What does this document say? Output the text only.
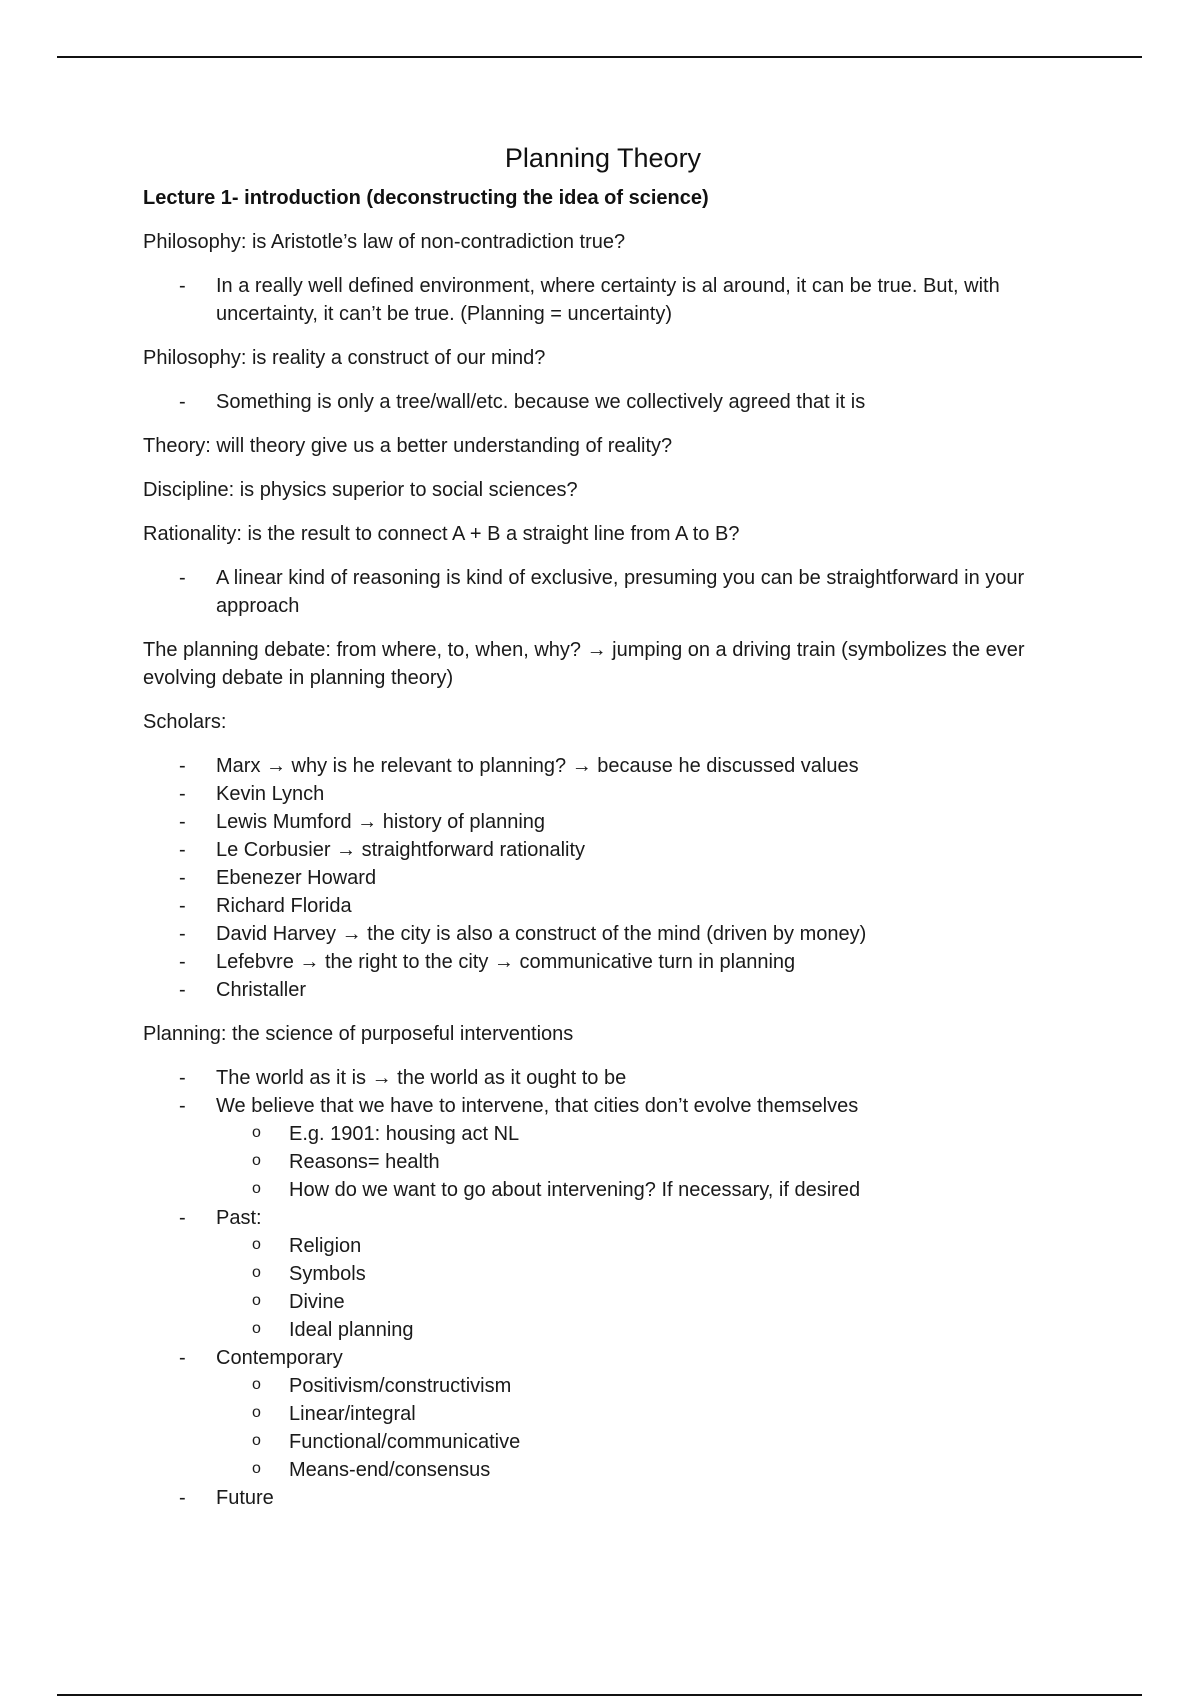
Planning Theory
Lecture 1- introduction (deconstructing the idea of science)
Philosophy: is Aristotle’s law of non-contradiction true?
- In a really well defined environment, where certainty is al around, it can be true. But, with uncertainty, it can’t be true. (Planning = uncertainty)
Philosophy: is reality a construct of our mind?
- Something is only a tree/wall/etc. because we collectively agreed that it is
Theory: will theory give us a better understanding of reality?
Discipline: is physics superior to social sciences?
Rationality: is the result to connect A + B a straight line from A to B?
- A linear kind of reasoning is kind of exclusive, presuming you can be straightforward in your approach
The planning debate: from where, to, when, why? → jumping on a driving train (symbolizes the ever evolving debate in planning theory)
Scholars:
- Marx → why is he relevant to planning? → because he discussed values
- Kevin Lynch
- Lewis Mumford → history of planning
- Le Corbusier → straightforward rationality
- Ebenezer Howard
- Richard Florida
- David Harvey → the city is also a construct of the mind (driven by money)
- Lefebvre → the right to the city → communicative turn in planning
- Christaller
Planning: the science of purposeful interventions
- The world as it is → the world as it ought to be
- We believe that we have to intervene, that cities don’t evolve themselves
o E.g. 1901: housing act NL
o Reasons= health
o How do we want to go about intervening? If necessary, if desired
- Past:
o Religion
o Symbols
o Divine
o Ideal planning
- Contemporary
o Positivism/constructivism
o Linear/integral
o Functional/communicative
o Means-end/consensus
- Future
